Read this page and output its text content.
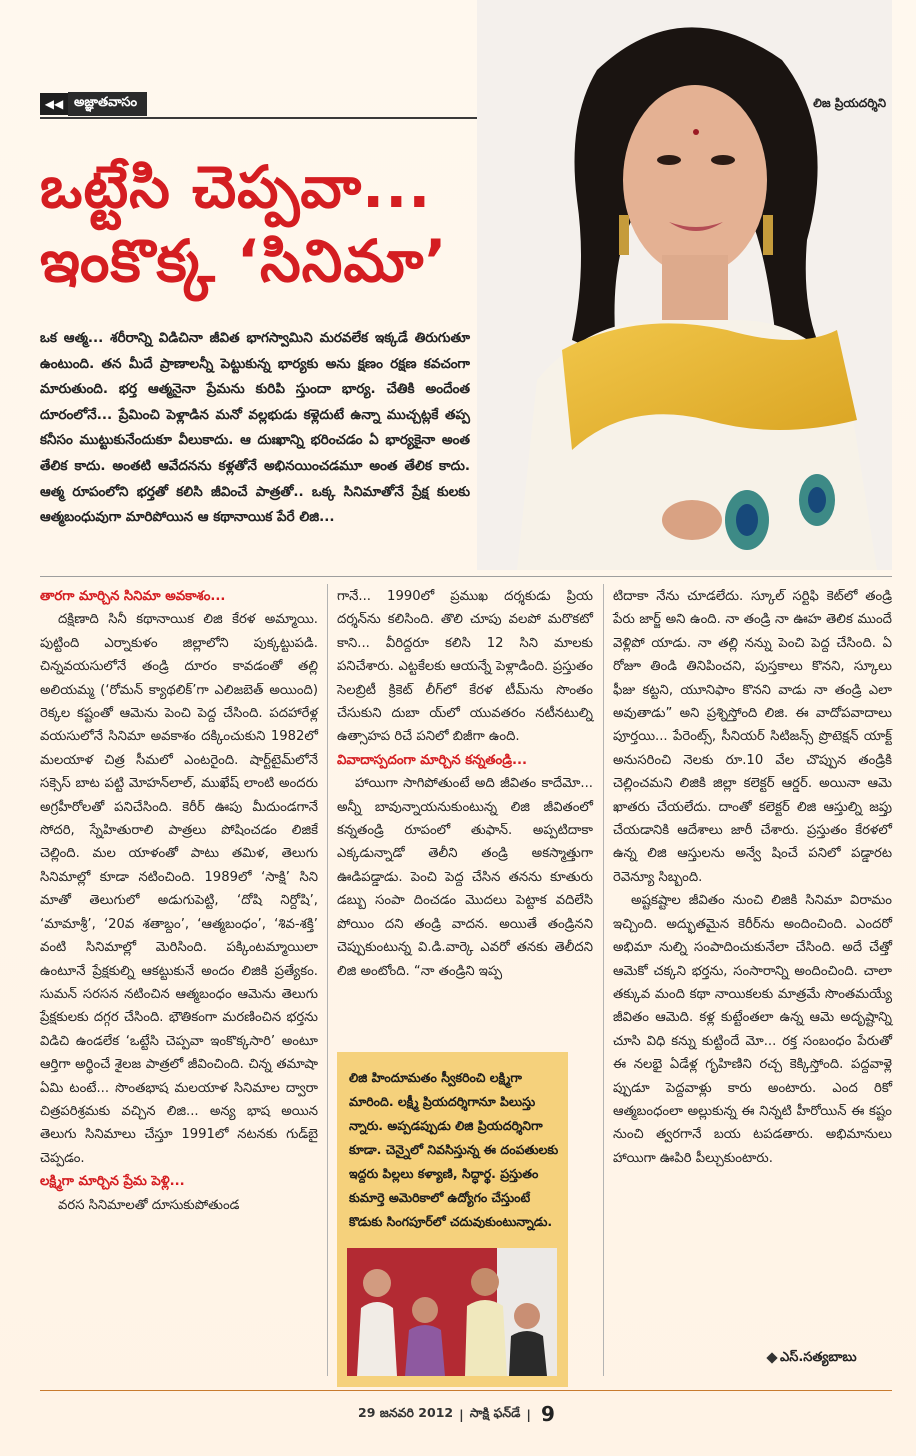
◀◀ అజ్ఞాతవాసం
ఒట్టేసి చెప్పవా...
ఇంకొక్క ‘సినిమా’
లిజ ప్రియదర్శిని
ఒక ఆత్మ... శరీరాన్ని విడిచినా జీవిత భాగస్వామిని మరవలేక ఇక్కడే తిరుగుతూ ఉంటుంది. తన మీదే ప్రాణాలన్నీ పెట్టుకున్న భార్యకు అను క్షణం రక్షణ కవచంగా మారుతుంది. భర్త ఆత్మనైనా ప్రేమను కురిపి స్తుందా భార్య. చేతికి అందేంత దూరంలోనే... ప్రేమించి పెళ్లాడిన మనో వల్లభుడు కళ్లెదుటే ఉన్నా ముచ్చట్లకే తప్ప కనీసం ముట్టుకునేందుకూ వీలుకాదు. ఆ దుఃఖాన్ని భరించడం ఏ భార్యకైనా అంత తేలిక కాదు. అంతటి ఆవేదనను కళ్లతోనే అభినయించడమూ అంత తేలిక కాదు. ఆత్మ రూపంలోని భర్తతో కలిసి జీవించే పాత్రతో.. ఒక్క సినిమాతోనే ప్రేక్ష కులకు ఆత్మబంధువుగా మారిపోయిన ఆ కథానాయిక పేరే లిజి...
తారగా మార్చిన సినిమా అవకాశం...

దక్షిణాది సినీ కథానాయిక లిజి కేరళ అమ్మాయి. పుట్టింది ఎర్నాకుళం జిల్లాలోని పుక్కట్టుపడి. చిన్నవయసులోనే తండ్రి దూరం కావడంతో తల్లి అలియమ్మ (‘రోమన్ క్యాథలిక్’గా ఎలిజబెత్ అయింది) రెక్కల కష్టంతో ఆమెను పెంచి పెద్ద చేసింది. పదహారేళ్ల వయసులోనే సినిమా అవకాశం దక్కించుకుని 1982లో మలయాళ చిత్ర సీమలో ఎంటరైంది. షార్ట్‌టైమ్‌లోనే సక్సెస్ బాట పట్టి మోహన్‌లాల్, ముఖేష్ లాంటి అందరు అగ్రహీరోలతో పనిచేసింది. కెరీర్ ఊపు మీదుండగానే సోదరి, స్నేహితురాలి పాత్రలు పోషించడం లిజికే చెల్లింది. మల యాళంతో పాటు తమిళ, తెలుగు సినిమాల్లో కూడా నటించింది. 1989లో ‘సాక్షి’ సిని మాతో తెలుగులో అడుగుపెట్టి, ‘దోషి నిర్దోషి’, ‘మామాశ్రీ’, ‘20వ శతాబ్దం’, ‘ఆత్మబంధం’, ‘శివ-శక్తి’ వంటి సినిమాల్లో మెరిసింది. పక్కింటమ్మాయిలా ఉంటూనే ప్రేక్షకుల్ని ఆకట్టుకునే అందం లిజికి ప్రత్యేకం. సుమన్ సరసన నటించిన ఆత్మబంధం ఆమెను తెలుగు ప్రేక్షకులకు దగ్గర చేసింది. భౌతికంగా మరణించిన భర్తను విడిచి ఉండలేక ‘ఒట్టేసి చెప్పవా ఇంకొక్కసారి’ అంటూ ఆర్తిగా అర్థించే శైలజ పాత్రలో జీవించింది. చిన్న తమాషా ఏమి టంటే... సొంతభాష మలయాళ సినిమాల ద్వారా చిత్రపరిశ్రమకు వచ్చిన లిజి... అన్య భాష అయిన తెలుగు సినిమాలు చేస్తూ 1991లో నటనకు గుడ్‌బై చెప్పడం.

లక్ష్మిగా మార్చిన ప్రేమ పెళ్లి...

వరస సినిమాలతో దూసుకుపోతుండ

గానే... 1990లో ప్రముఖ దర్శకుడు ప్రియ దర్శన్‌ను కలిసింది. తొలి చూపు వలపో మరొకటో కాని... వీరిద్దరూ కలిసి 12 సిని మాలకు పనిచేశారు. ఎట్టకేలకు ఆయన్నే పెళ్లాడింది. ప్రస్తుతం సెలబ్రిటీ క్రికెట్ లీగ్‌లో కేరళ టీమ్‌ను సొంతం చేసుకుని దుబా య్‌లో యువతరం నటీనటుల్ని ఉత్సాహప రిచే పనిలో బిజీగా ఉంది.

వివాదాస్పదంగా మార్చిన కన్నతండ్రి...

హాయిగా సాగిపోతుంటే అది జీవితం కాదేమో... అన్నీ బావున్నాయనుకుంటున్న లిజి జీవితంలో కన్నతండ్రి రూపంలో తుఫాన్. అప్పటిదాకా ఎక్కడున్నాడో తెలీని తండ్రి అకస్మాత్తుగా ఊడిపడ్డాడు. పెంచి పెద్ద చేసిన తనను కూతురు డబ్బు సంపా దించడం మొదలు పెట్టాక వదిలేసి పోయిం దని తండ్రి వాదన. అయితే తండ్రినని చెప్పుకుంటున్న వి.డి.వార్కె ఎవరో తనకు తెలీదని లిజి అంటోంది. “నా తండ్రిని ఇప్ప

టిదాకా నేను చూడలేదు. స్కూల్ సర్టిఫి కెట్‌లో తండ్రి పేరు జార్జ్ అని ఉంది. నా తండ్రి నా ఊహ తెలిక ముందే వెళ్లిపో యాడు. నా తల్లి నన్ను పెంచి పెద్ద చేసింది. ఏ రోజూ తిండి తినిపించని, పుస్తకాలు కొనని, స్కూలు ఫీజు కట్టని, యూనిఫాం కొనని వాడు నా తండ్రి ఎలా అవుతాడు” అని ప్రశ్నిస్తోంది లిజి. ఈ వాదోపవాదాలు పూర్తయి... పేరెంట్స్, సీనియర్ సిటిజన్స్ ప్రొటెక్షన్ యాక్ట్ అనుసరించి నెలకు రూ.10 వేల చొప్పున తండ్రికి చెల్లించమని లిజికి జిల్లా కలెక్టర్ ఆర్డర్. అయినా ఆమె ఖాతరు చేయలేదు. దాంతో కలెక్టర్ లిజి ఆస్తుల్ని జప్తు చేయడానికి ఆదేశాలు జారీ చేశారు. ప్రస్తుతం కేరళలో ఉన్న లిజి ఆస్తులను అన్వే షించే పనిలో పడ్డారట రెవెన్యూ సిబ్బంది.

అష్టకష్టాల జీవితం నుంచి లిజికి సినిమా విరామం ఇచ్చింది. అద్భుతమైన కెరీర్‌ను అందించింది. ఎందరో అభిమా నుల్ని సంపాదించుకునేలా చేసింది. అదే చేత్తో ఆమెకో చక్కని భర్తను, సంసారాన్ని అందించింది. చాలా తక్కువ మంది కథా నాయికలకు మాత్రమే సొంతమయ్యే జీవితం ఆమెది. కళ్ల కుట్టేంతలా ఉన్న ఆమె అదృష్టాన్ని చూసి విధి కన్ను కుట్టిందే మో... రక్త సంబంధం పేరుతో ఈ నలభై ఏడేళ్ల గృహిణిని రచ్చ కెక్కిస్తోంది. పద్దవాళ్లె ప్పుడూ పెద్దవాళ్లు కారు అంటారు. ఎంద రికో ఆత్మబంధంలా అల్లుకున్న ఈ నిన్నటి హీరోయిన్ ఈ కష్టం నుంచి త్వరగానే బయ టపడతారు. అభిమానులు హాయిగా ఊపిరి పీల్చుకుంటారు.

లిజి హిందూమతం స్వీకరించి లక్ష్మిగా మారింది. లక్ష్మీ ప్రియదర్శిగానూ పిలుస్తు న్నారు. అప్పడప్పుడు లిజి ప్రియదర్శినిగా కూడా. చెన్నైలో నివసిస్తున్న ఈ దంపతులకు ఇద్దరు పిల్లలు కళ్యాణి, సిద్ధార్థ. ప్రస్తుతం కుమార్తె అమెరికాలో ఉద్యోగం చేస్తుంటే కొడుకు సింగపూర్‌లో చదువుకుంటున్నాడు.
ఎస్.సత్యబాబు
29 జనవరి 2012 | సాక్షి ఫన్‌డే | 9
